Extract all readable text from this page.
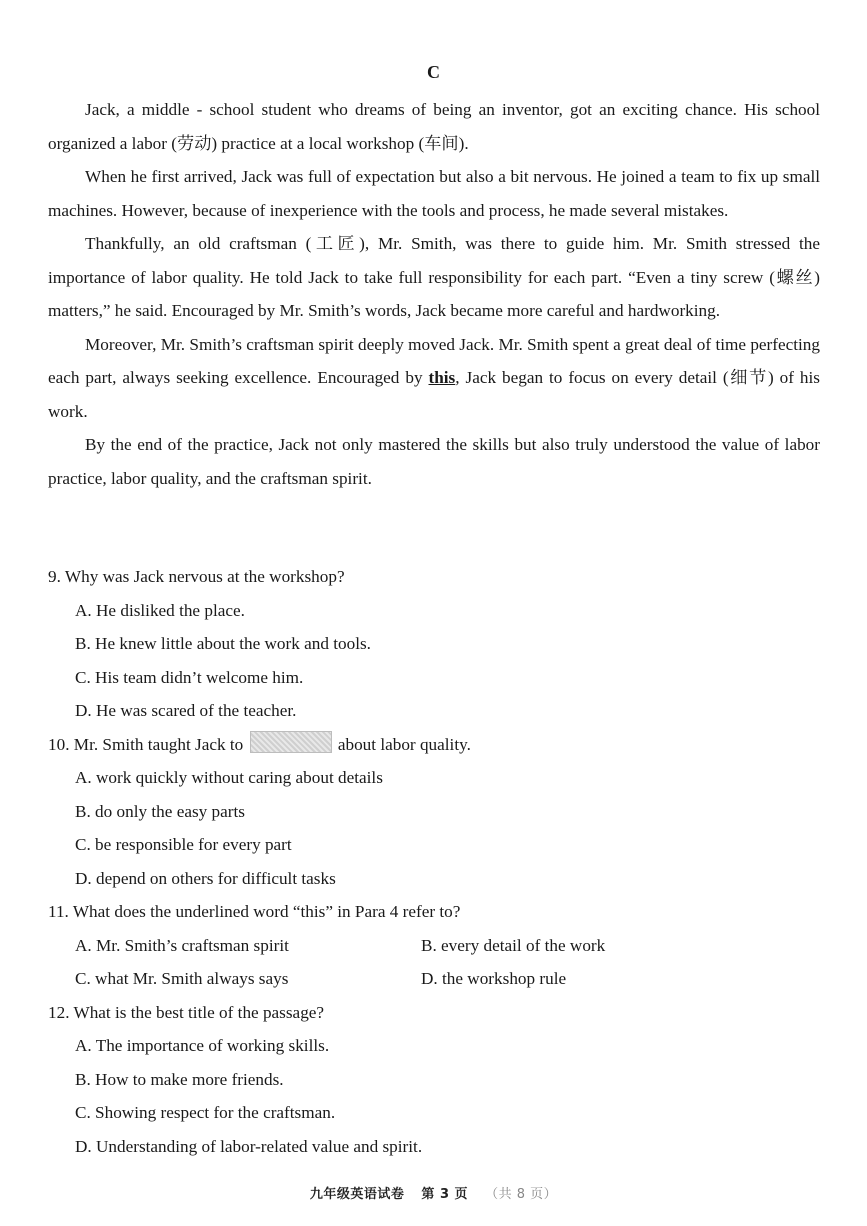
C

Jack, a middle - school student who dreams of being an inventor, got an exciting chance. His school organized a labor (劳动) practice at a local workshop (车间).

When he first arrived, Jack was full of expectation but also a bit nervous. He joined a team to fix up small machines. However, because of inexperience with the tools and process, he made several mistakes.

Thankfully, an old craftsman (工匠), Mr. Smith, was there to guide him. Mr. Smith stressed the importance of labor quality. He told Jack to take full responsibility for each part. “Even a tiny screw (螺丝) matters,” he said. Encouraged by Mr. Smith’s words, Jack became more careful and hardworking.

Moreover, Mr. Smith’s craftsman spirit deeply moved Jack. Mr. Smith spent a great deal of time perfecting each part, always seeking excellence. Encouraged by this, Jack began to focus on every detail (细节) of his work.

By the end of the practice, Jack not only mastered the skills but also truly understood the value of labor practice, labor quality, and the craftsman spirit.

9. Why was Jack nervous at the workshop?

A. He disliked the place.

B. He knew little about the work and tools.

C. His team didn’t welcome him.

D. He was scared of the teacher.

10. Mr. Smith taught Jack to	about labor quality.

A. work quickly without caring about details

B. do only the easy parts

C. be responsible for every part

D. depend on others for difficult tasks

11. What does the underlined word “this” in Para 4 refer to?

A. Mr. Smith’s craftsman spirit	B. every detail of the work
C. what Mr. Smith always says	D. the workshop rule

12. What is the best title of the passage?

A. The importance of working skills.

B. How to make more friends.

C. Showing respect for the craftsman.

D. Understanding of labor-related value and spirit.

九年级英语试卷 第 3 页 （共 8 页）
